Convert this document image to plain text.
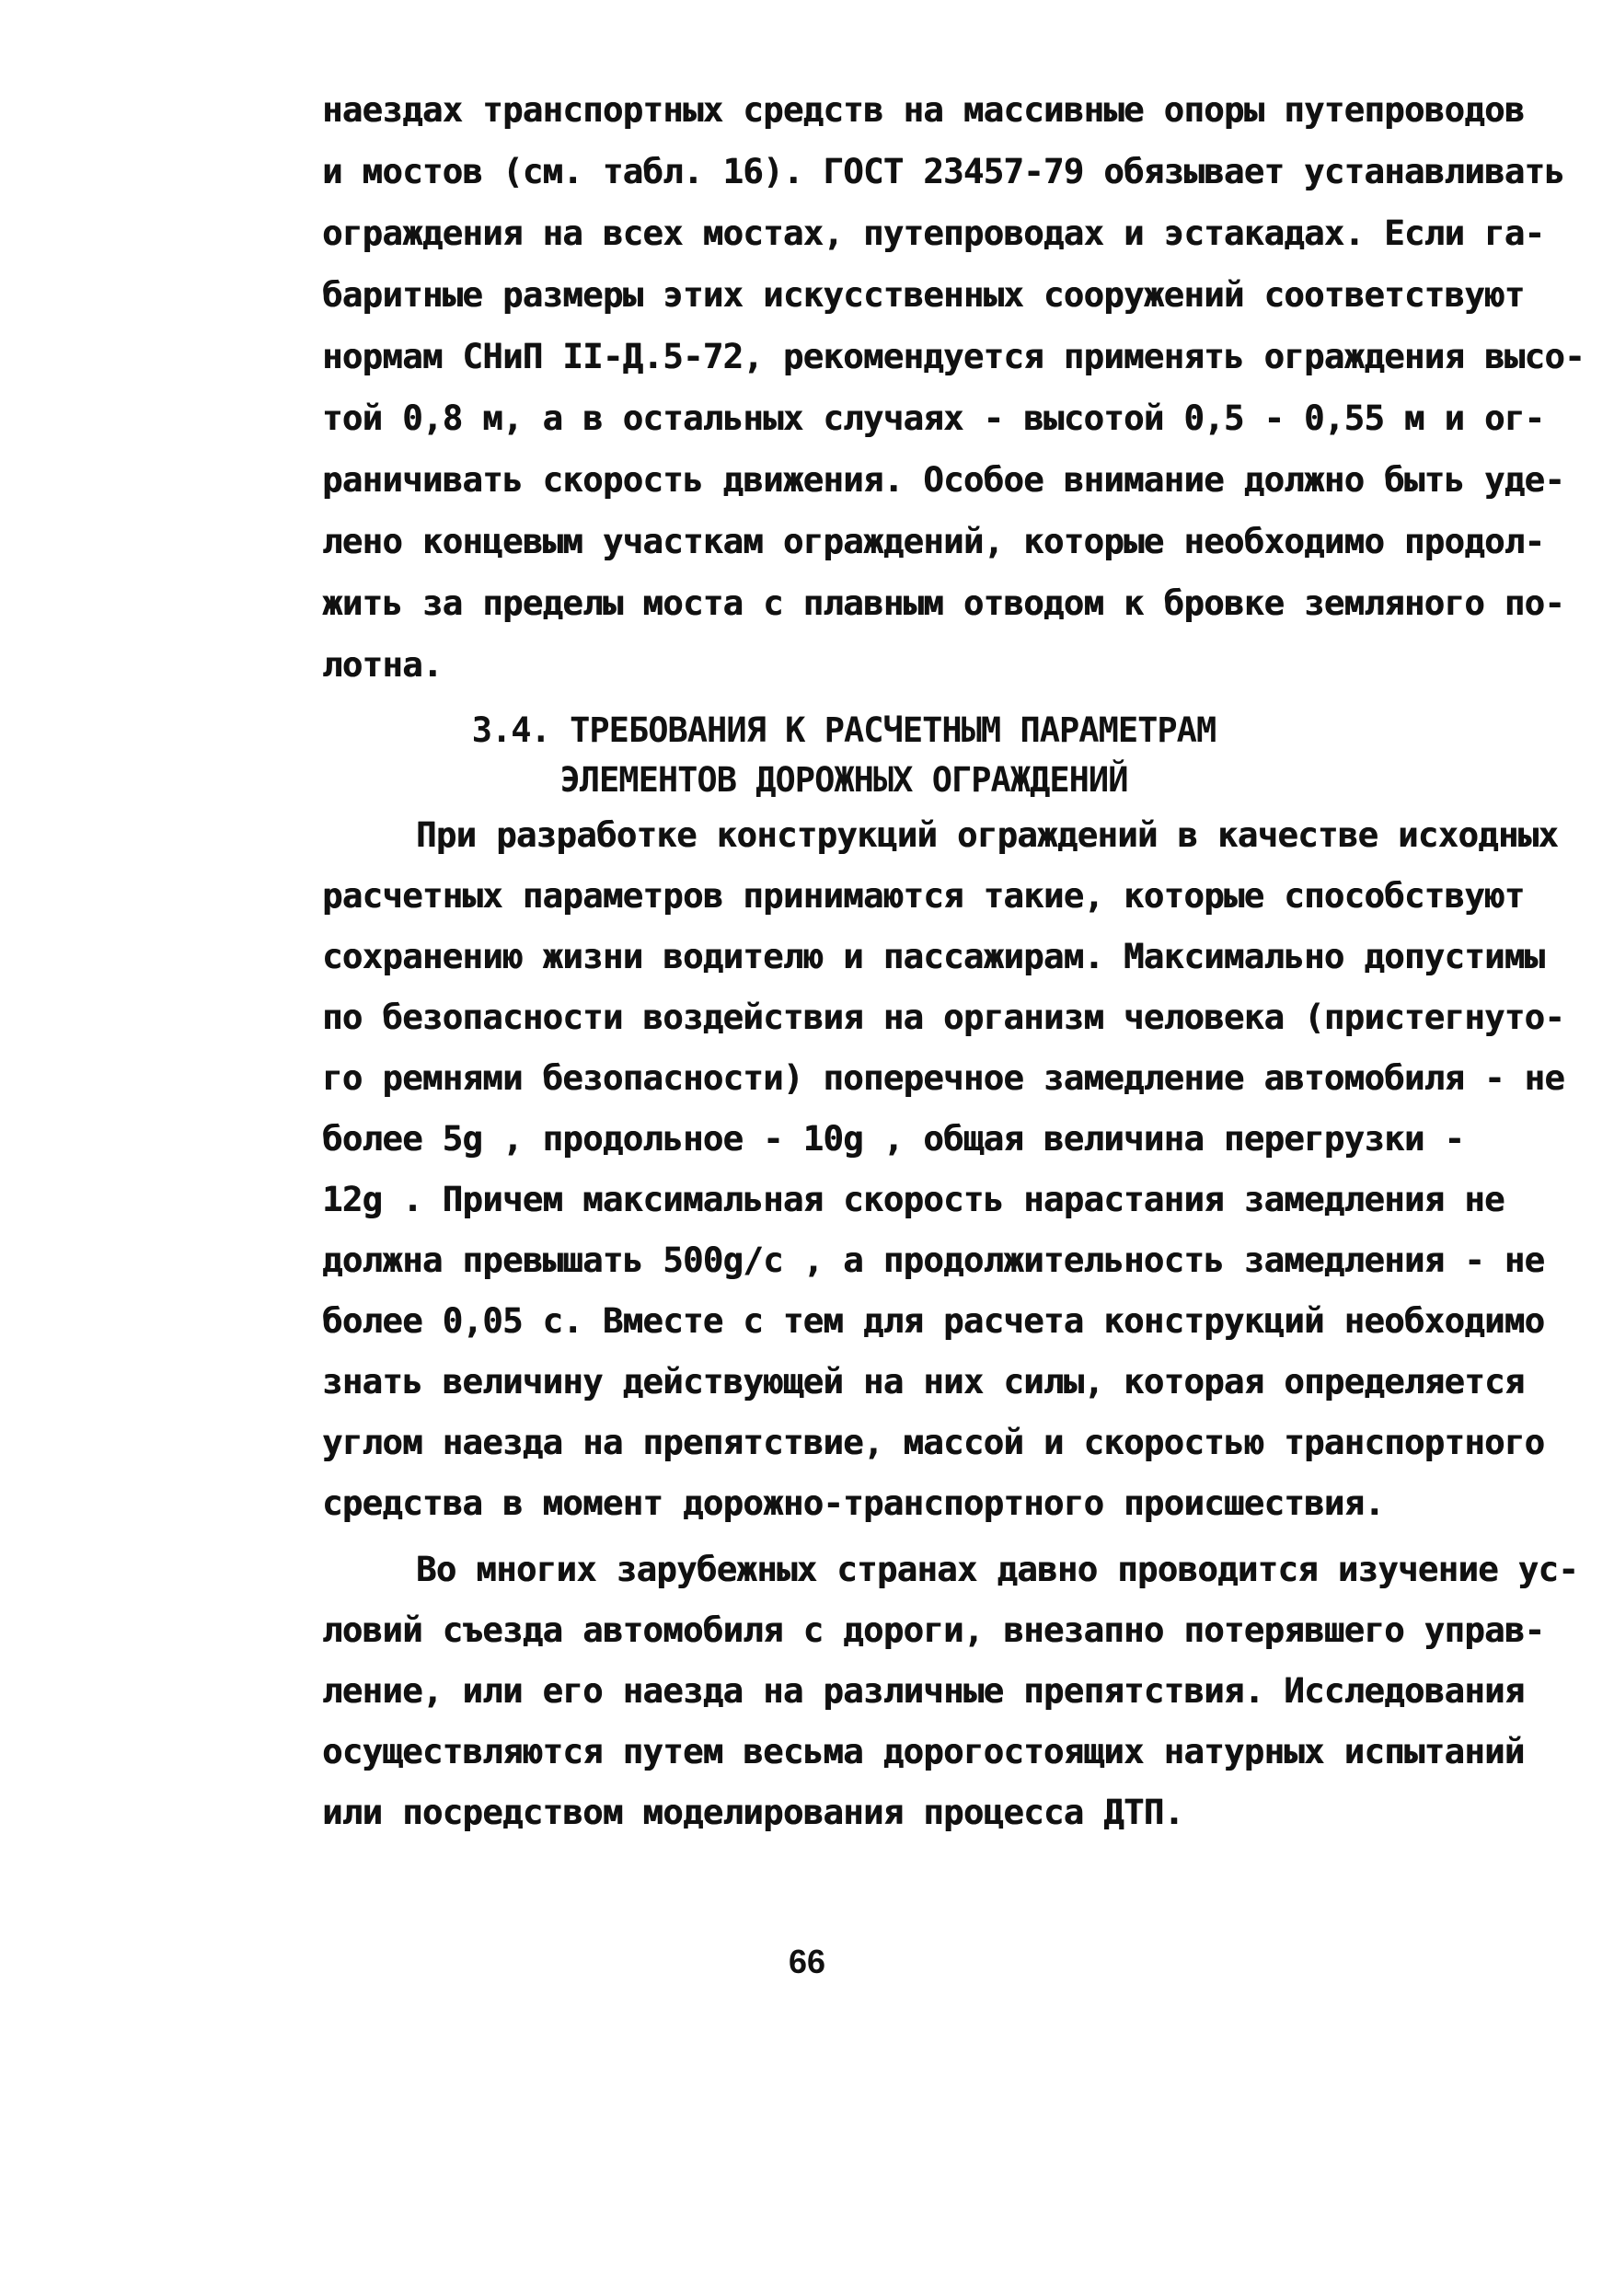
наездах транспортных средств на массивные опоры путепроводов
и мостов (см. табл. 16). ГОСТ 23457-79 обязывает устанавливать
ограждения на всех мостах, путепроводах и эстакадах. Если га-
баритные размеры этих искусственных сооружений соответствуют
нормам СНиП II-Д.5-72, рекомендуется применять ограждения высо-
той 0,8 м, а в остальных случаях - высотой 0,5 - 0,55 м и ог-
раничивать скорость движения. Особое внимание должно быть уде-
лено концевым участкам ограждений, которые необходимо продол-
жить за пределы моста с плавным отводом к бровке земляного по-
лотна.
3.4. ТРЕБОВАНИЯ К РАСЧЕТНЫМ ПАРАМЕТРАМ
ЭЛЕМЕНТОВ ДОРОЖНЫХ ОГРАЖДЕНИЙ
При разработке конструкций ограждений в качестве исходных
расчетных параметров принимаются такие, которые способствуют
сохранению жизни водителю и пассажирам. Максимально допустимы
по безопасности воздействия на организм человека (пристегнуто-
го ремнями безопасности) поперечное замедление автомобиля - не
более 5g , продольное - 10g , общая величина перегрузки -
12g . Причем максимальная скорость нарастания замедления не
должна превышать 500g/c , а продолжительность замедления - не
более 0,05 с. Вместе с тем для расчета конструкций необходимо
знать величину действующей на них силы, которая определяется
углом наезда на препятствие, массой и скоростью транспортного
средства в момент дорожно-транспортного происшествия.
Во многих зарубежных странах давно проводится изучение ус-
ловий съезда автомобиля с дороги, внезапно потерявшего управ-
ление, или его наезда на различные препятствия. Исследования
осуществляются путем весьма дорогостоящих натурных испытаний
или посредством моделирования процесса ДТП.
66
